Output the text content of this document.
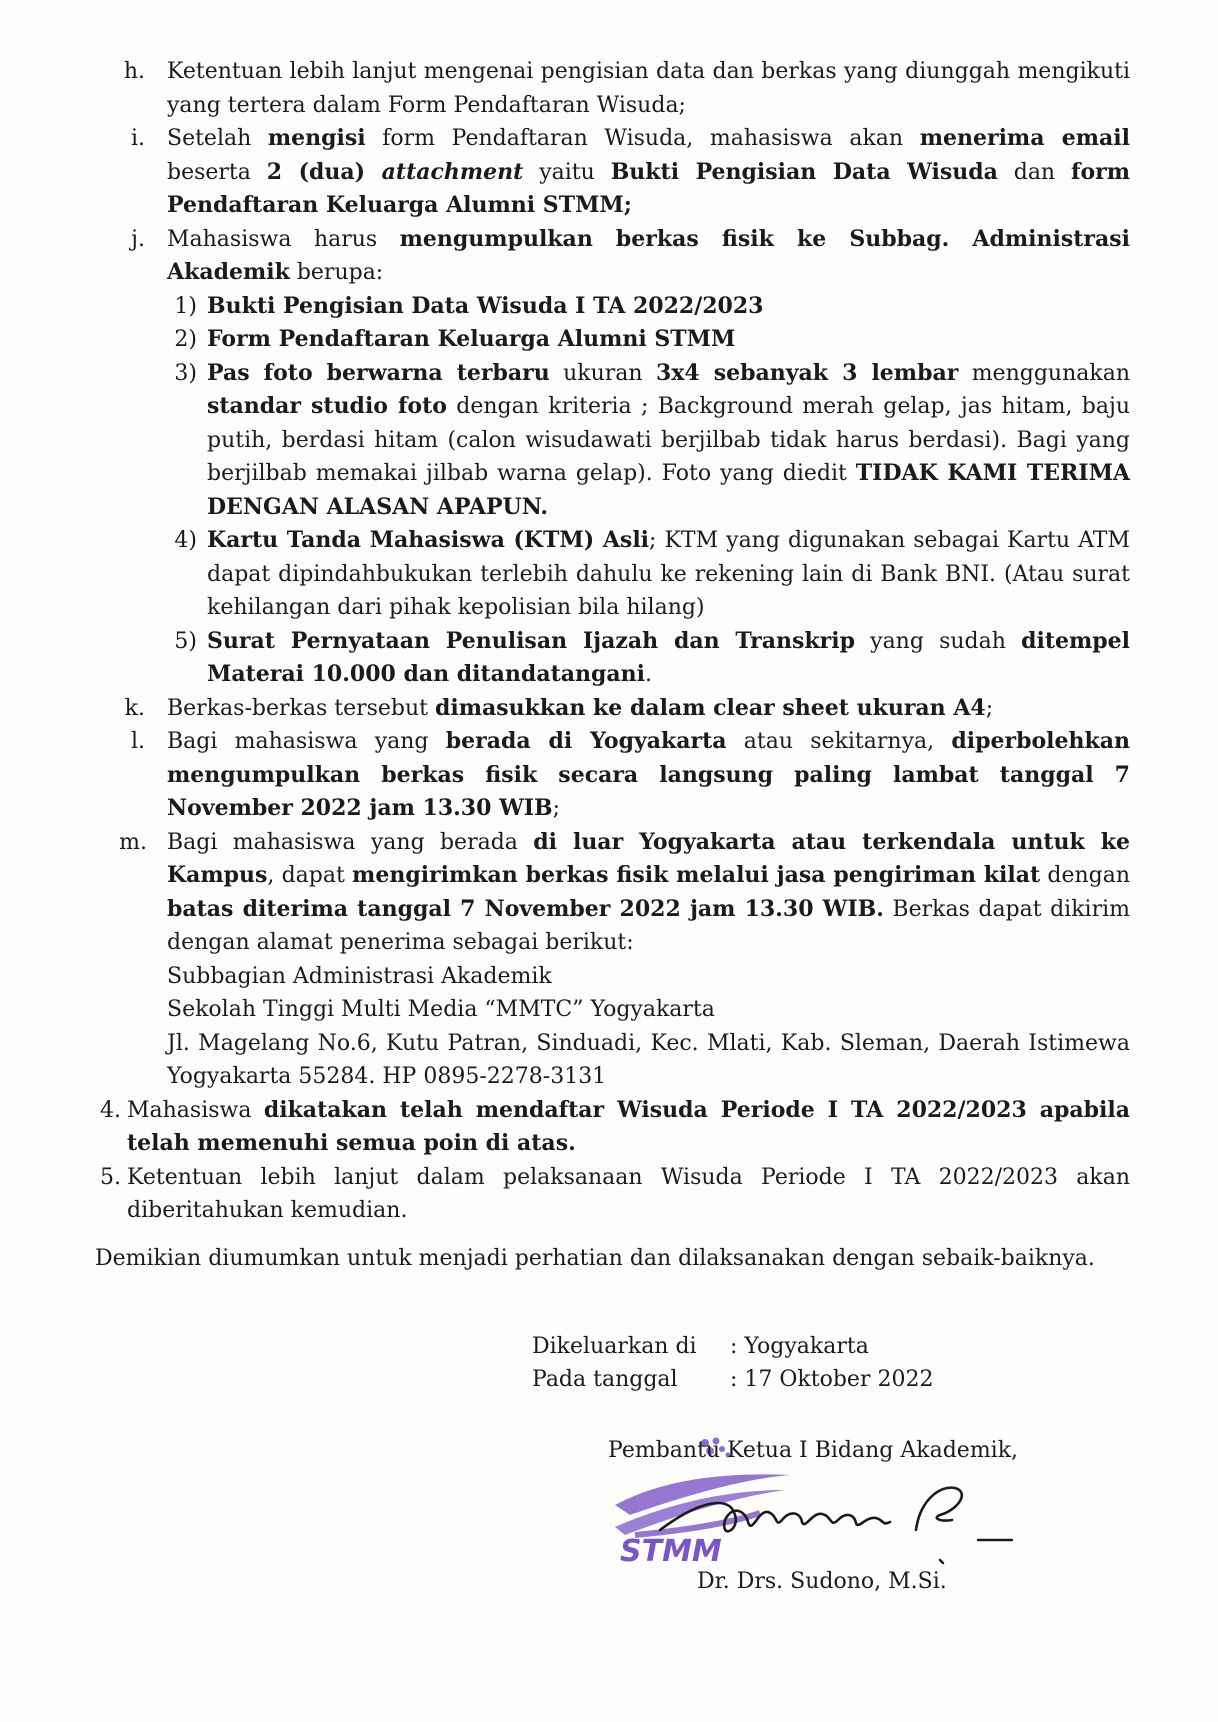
h. Ketentuan lebih lanjut mengenai pengisian data dan berkas yang diunggah mengikuti yang tertera dalam Form Pendaftaran Wisuda;
i. Setelah mengisi form Pendaftaran Wisuda, mahasiswa akan menerima email beserta 2 (dua) attachment yaitu Bukti Pengisian Data Wisuda dan form Pendaftaran Keluarga Alumni STMM;
j. Mahasiswa harus mengumpulkan berkas fisik ke Subbag. Administrasi Akademik berupa:
1) Bukti Pengisian Data Wisuda I TA 2022/2023
2) Form Pendaftaran Keluarga Alumni STMM
3) Pas foto berwarna terbaru ukuran 3x4 sebanyak 3 lembar menggunakan standar studio foto dengan kriteria ; Background merah gelap, jas hitam, baju putih, berdasi hitam (calon wisudawati berjilbab tidak harus berdasi). Bagi yang berjilbab memakai jilbab warna gelap). Foto yang diedit TIDAK KAMI TERIMA DENGAN ALASAN APAPUN.
4) Kartu Tanda Mahasiswa (KTM) Asli; KTM yang digunakan sebagai Kartu ATM dapat dipindahbukukan terlebih dahulu ke rekening lain di Bank BNI. (Atau surat kehilangan dari pihak kepolisian bila hilang)
5) Surat Pernyataan Penulisan Ijazah dan Transkrip yang sudah ditempel Materai 10.000 dan ditandatangani.
k. Berkas-berkas tersebut dimasukkan ke dalam clear sheet ukuran A4;
l. Bagi mahasiswa yang berada di Yogyakarta atau sekitarnya, diperbolehkan mengumpulkan berkas fisik secara langsung paling lambat tanggal 7 November 2022 jam 13.30 WIB;
m. Bagi mahasiswa yang berada di luar Yogyakarta atau terkendala untuk ke Kampus, dapat mengirimkan berkas fisik melalui jasa pengiriman kilat dengan batas diterima tanggal 7 November 2022 jam 13.30 WIB. Berkas dapat dikirim dengan alamat penerima sebagai berikut:
Subbagian Administrasi Akademik
Sekolah Tinggi Multi Media “MMTC” Yogyakarta
Jl. Magelang No.6, Kutu Patran, Sinduadi, Kec. Mlati, Kab. Sleman, Daerah Istimewa Yogyakarta 55284. HP 0895-2278-3131
4. Mahasiswa dikatakan telah mendaftar Wisuda Periode I TA 2022/2023 apabila telah memenuhi semua poin di atas.
5. Ketentuan lebih lanjut dalam pelaksanaan Wisuda Periode I TA 2022/2023 akan diberitahukan kemudian.
Demikian diumumkan untuk menjadi perhatian dan dilaksanakan dengan sebaik-baiknya.
Dikeluarkan di : Yogyakarta
Pada tanggal : 17 Oktober 2022
STMM
Pembantu Ketua I Bidang Akademik,
Dr. Drs. Sudono, M.Si.
